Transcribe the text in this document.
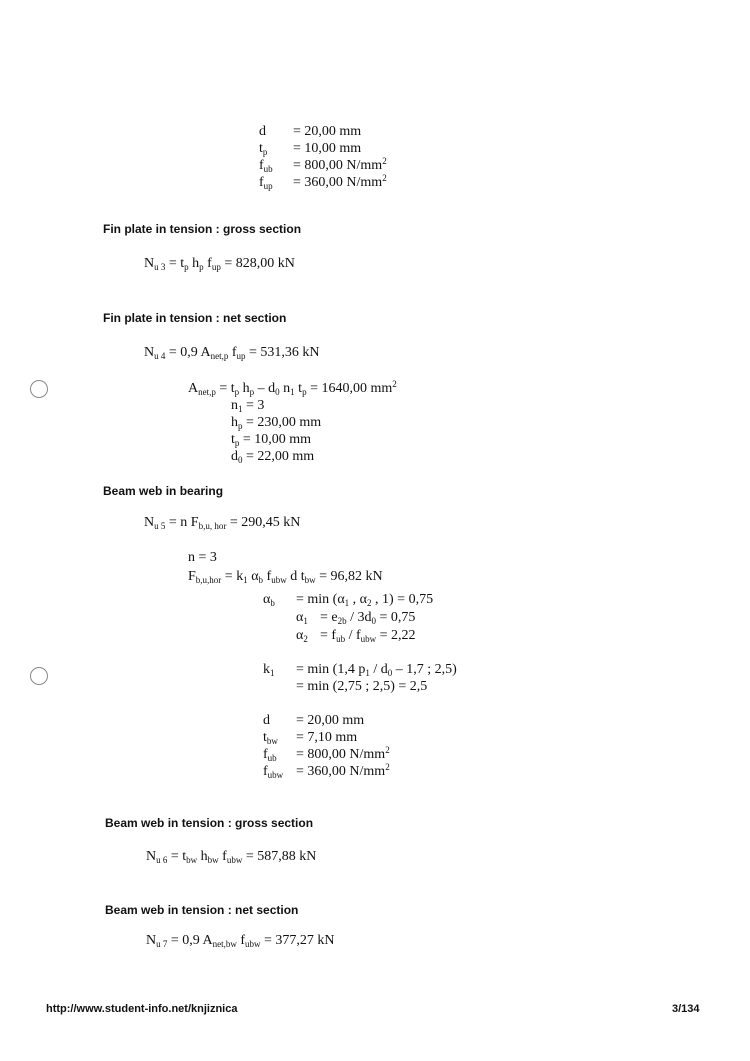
d = 20,00 mm
$t_p = 10,00$ mm
$f_{ub} = 800,00$ $N/mm^2$
$f_{up} = 360,00$ $N/mm^2$
Fin plate in tension : gross section
$N_{u 3} = t_p$ $h_p$ $f_{up} = 828,00$ kN
Fin plate in tension : net section
$N_{u 4} = 0,9$ $A_{net,p}$ $f_{up} = 531,36$ kN
$A_{net,p} = t_p$ $h_p - d_0$ $n_1$ $t_p = 1640,00$ $mm^2$
$n_1 = 3$
$h_p = 230,00$ mm
$t_p = 10,00$ mm
$d_0 = 22,00$ mm
Beam web in bearing
$N_{u 5} = n$ $F_{b,u, hor} = 290,45$ kN
n = 3
$F_{b,u,hor} = k_1$ $\alpha_b$ $f_{ubw}$ d $t_{bw} = 96,82$ kN
$\alpha_b = \min (\alpha_1$ , $\alpha_2$ , 1) = 0,75
$\alpha_1 = e_{2b} / 3d_0 = 0,75$
$\alpha_2 = f_{ub} / f_{ubw} = 2,22$
$k_1 = \min (1,4$ $p_1 / d_0 - 1,7$ ; 2,5)
= min (2,75 ; 2,5) = 2,5
d = 20,00 mm
$t_{bw} = 7,10$ mm
$f_{ub} = 800,00$ $N/mm^2$
$f_{ubw} = 360,00$ $N/mm^2$
Beam web in tension : gross section
$N_{u 6} = t_{bw}$ $h_{bw}$ $f_{ubw} = 587,88$ kN
Beam web in tension : net section
$N_{u 7} = 0,9$ $A_{net,bw}$ $f_{ubw} = 377,27$ kN
http://www.student-info.net/knjiznica	3/134
